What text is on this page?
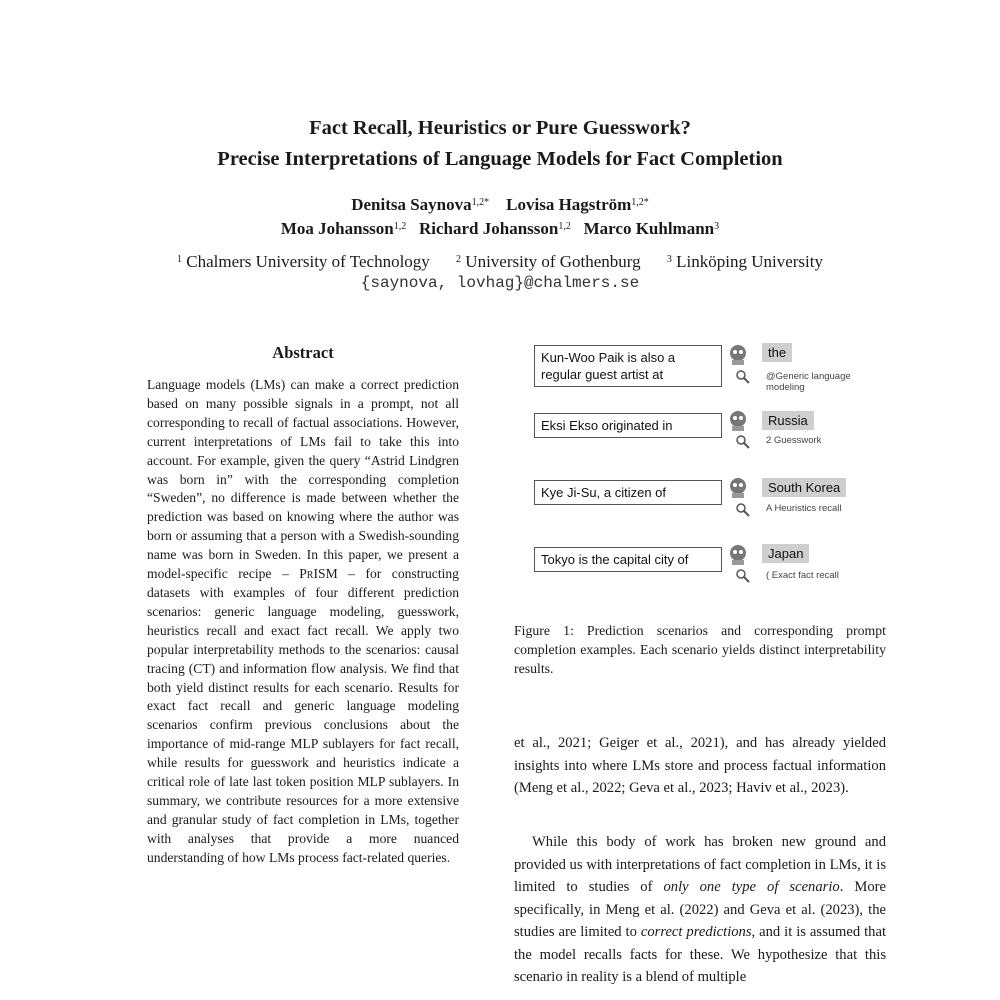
Fact Recall, Heuristics or Pure Guesswork?
Precise Interpretations of Language Models for Fact Completion
Denitsa Saynova$^{1,2*}$ Lovisa Hagström$^{1,2*}$
Moa Johansson$^{1,2}$ Richard Johansson$^{1,2}$ Marco Kuhlmann$^3$
$^1$ Chalmers University of Technology	$^2$ University of Gothenburg	$^3$ Linköping University
{saynova, lovhag}@chalmers.se
Abstract
Language models (LMs) can make a correct prediction based on many possible signals in a prompt, not all corresponding to recall of factual associations. However, current interpretations of LMs fail to take this into account. For example, given the query “Astrid Lindgren was born in” with the corresponding completion “Sweden”, no difference is made between whether the prediction was based on knowing where the author was born or assuming that a person with a Swedish-sounding name was born in Sweden. In this paper, we present a model-specific recipe – PrISM – for constructing datasets with examples of four different prediction scenarios: generic language modeling, guesswork, heuristics recall and exact fact recall. We apply two popular interpretability methods to the scenarios: causal tracing (CT) and information flow analysis. We find that both yield distinct results for each scenario. Results for exact fact recall and generic language modeling scenarios confirm previous conclusions about the importance of mid-range MLP sublayers for fact recall, while results for guesswork and heuristics indicate a critical role of late last token position MLP sublayers. In summary, we contribute resources for a more extensive and granular study of fact completion in LMs, together with analyses that provide a more nuanced understanding of how LMs process fact-related queries.
Kun-Woo Paik is also a regular guest artist at
the
@Generic language modeling
Eksi Ekso originated in	Russia
2 Guesswork
Kye Ji-Su, a citizen of	South Korea
A Heuristics recall
Tokyo is the capital city of	Japan
( Exact fact recall
Figure 1: Prediction scenarios and corresponding prompt completion examples. Each scenario yields distinct interpretability results.
et al., 2021; Geiger et al., 2021), and has already yielded insights into where LMs store and process factual information (Meng et al., 2022; Geva et al., 2023; Haviv et al., 2023).
While this body of work has broken new ground and provided us with interpretations of fact completion in LMs, it is limited to studies of only one type of scenario. More specifically, in Meng et al. (2022) and Geva et al. (2023), the studies are limited to correct predictions, and it is assumed that the model recalls facts for these. We hypothesize that this scenario in reality is a blend of multiple
